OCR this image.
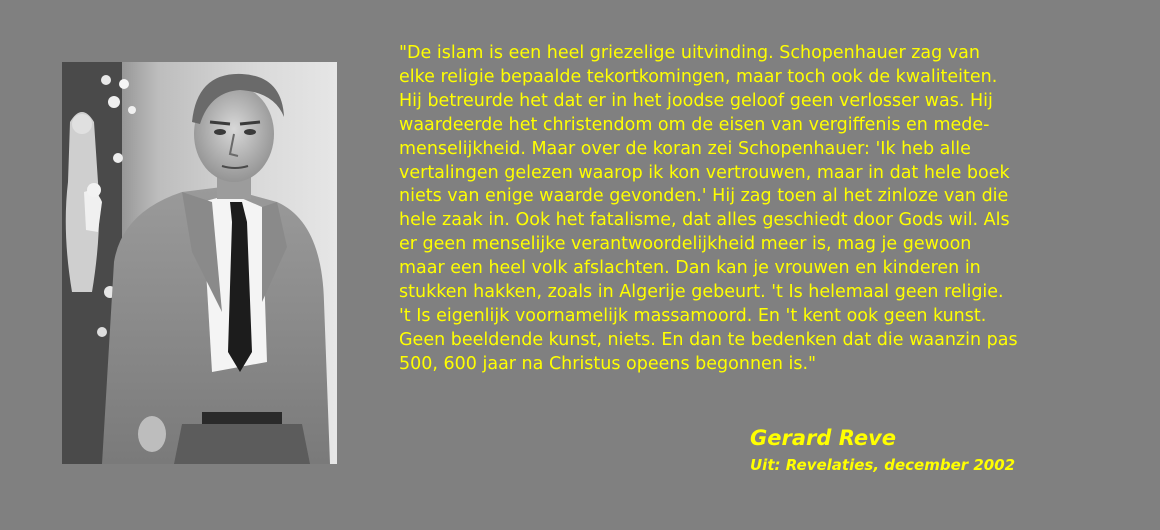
"De islam is een heel griezelige uitvinding. Schopenhauer zag van
elke religie bepaalde tekortkomingen, maar toch ook de kwaliteiten.
Hij betreurde het dat er in het joodse geloof geen verlosser was. Hij
waardeerde het christendom om de eisen van vergiffenis en mede-
menselijkheid. Maar over de koran zei Schopenhauer: 'Ik heb alle
vertalingen gelezen waarop ik kon vertrouwen, maar in dat hele boek
niets van enige waarde gevonden.' Hij zag toen al het zinloze van die
hele zaak in. Ook het fatalisme, dat alles geschiedt door Gods wil. Als
er geen menselijke verantwoordelijkheid meer is, mag je gewoon
maar een heel volk afslachten. Dan kan je vrouwen en kinderen in
stukken hakken, zoals in Algerije gebeurt. 't Is helemaal geen religie.
't Is eigenlijk voornamelijk massamoord. En 't kent ook geen kunst.
Geen beeldende kunst, niets. En dan te bedenken dat die waanzin pas
500, 600 jaar na Christus opeens begonnen is."
Gerard Reve
Uit: Revelaties, december 2002
